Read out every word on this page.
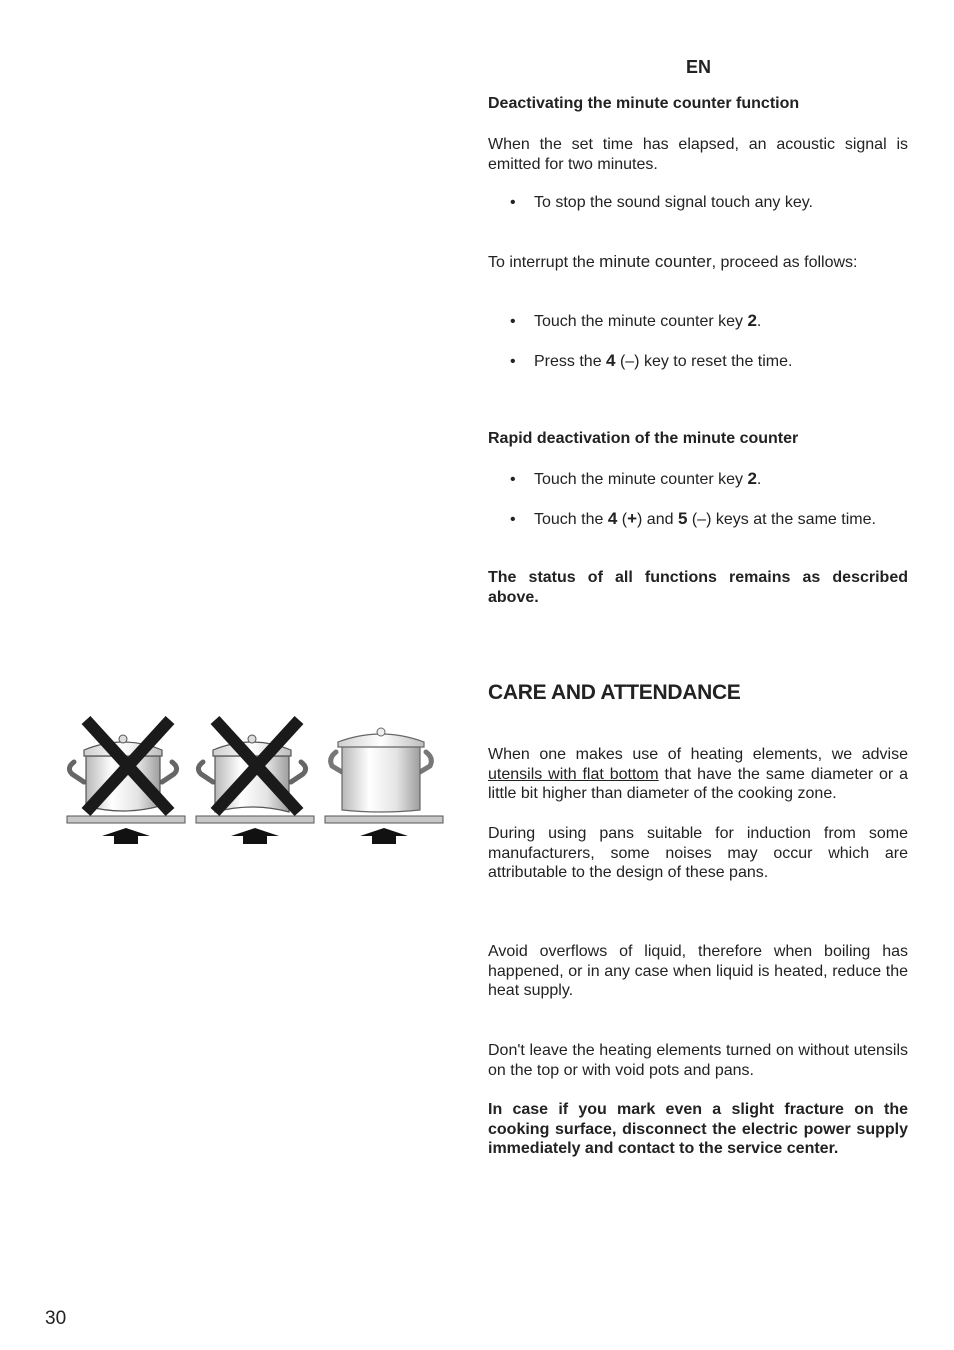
EN
Deactivating the minute counter function

When the set time has elapsed, an acoustic signal is emitted for two minutes.

• To stop the sound signal touch any key.

To interrupt the minute counter, proceed as follows:

• Touch the minute counter key 2.
• Press the 4 (–) key to reset the time.
Rapid deactivation of the minute counter
• Touch the minute counter key 2.
• Touch the 4 (+) and 5 (–) keys at the same time.

The status of all functions remains as described above.

CARE AND ATTENDANCE

When one makes use of heating elements, we advise utensils with flat bottom that have the same diameter or a little bit higher than diameter of the cooking zone.

During using pans suitable for induction from some manufacturers, some noises may occur which are attributable to the design of these pans.

Avoid overflows of liquid, therefore when boiling has happened, or in any case when liquid is heated, reduce the heat supply.

Don't leave the heating elements turned on without utensils on the top or with void pots and pans.

In case if you mark even a slight fracture on the cooking surface, disconnect the electric power supply immediately and contact to the service center.

30
